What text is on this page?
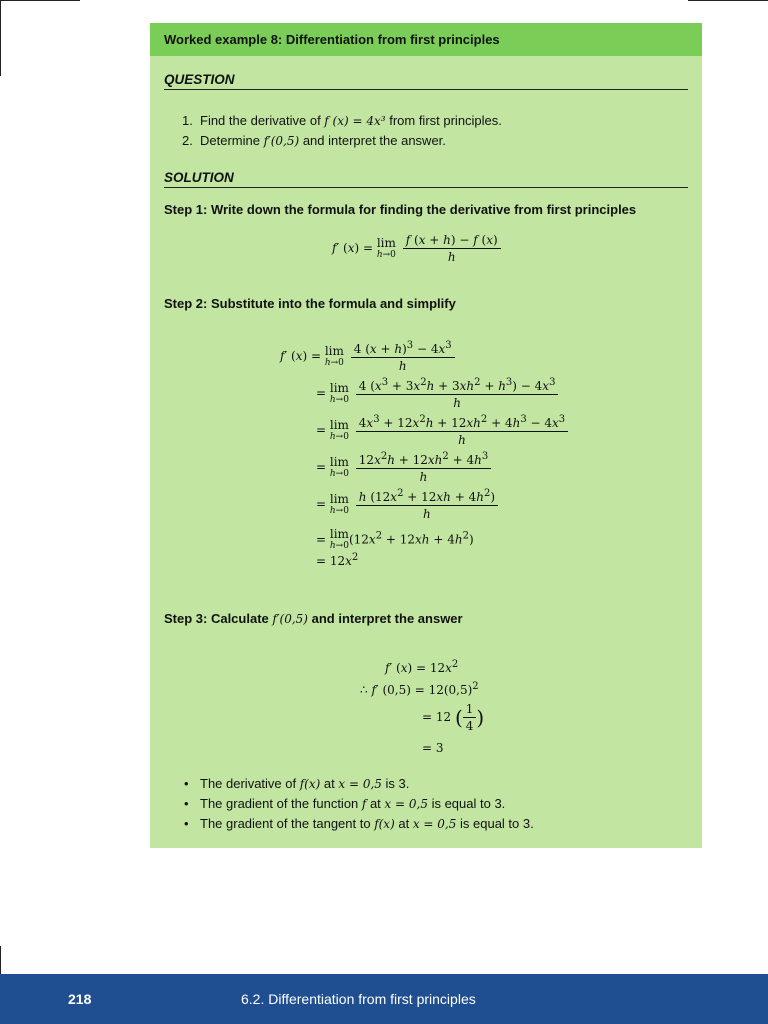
Worked example 8: Differentiation from first principles
QUESTION
1. Find the derivative of f (x) = 4x³ from first principles.
2. Determine f′(0,5) and interpret the answer.
SOLUTION
Step 1: Write down the formula for finding the derivative from first principles
f′ (x) = lim
h→0
$\frac{f (x + h) - f (x)}{h}$
Step 2: Substitute into the formula and simplify
f′ (x) = lim
h→0
$\frac{4 (x + h)^3 - 4x^3}{h}$
= lim
h→0
$\frac{4 (x^3 + 3x^2h + 3xh^2 + h^3) - 4x^3}{h}$
= lim
h→0
$\frac{4x^3 + 12x^2h + 12xh^2 + 4h^3 - 4x^3}{h}$
= lim
h→0
$\frac{12x^2h + 12xh^2 + 4h^3}{h}$
= lim
h→0
$\frac{h (12x^2 + 12xh + 4h^2)}{h}$
= lim
h→0 $(12x^2 + 12xh + 4h^2)$
= $12x^2$
Step 3: Calculate f′(0,5) and interpret the answer
f′ $(x) = 12x^2$
∴ f′ $(0,5) = 12(0,5)^2$
= 12 ( $\frac{1}{4}$ )
= 3
• The derivative of f(x) at x = 0,5 is 3.
• The gradient of the function f at x = 0,5 is equal to 3.
• The gradient of the tangent to f(x) at x = 0,5 is equal to 3.
218	6.2. Differentiation from first principles
